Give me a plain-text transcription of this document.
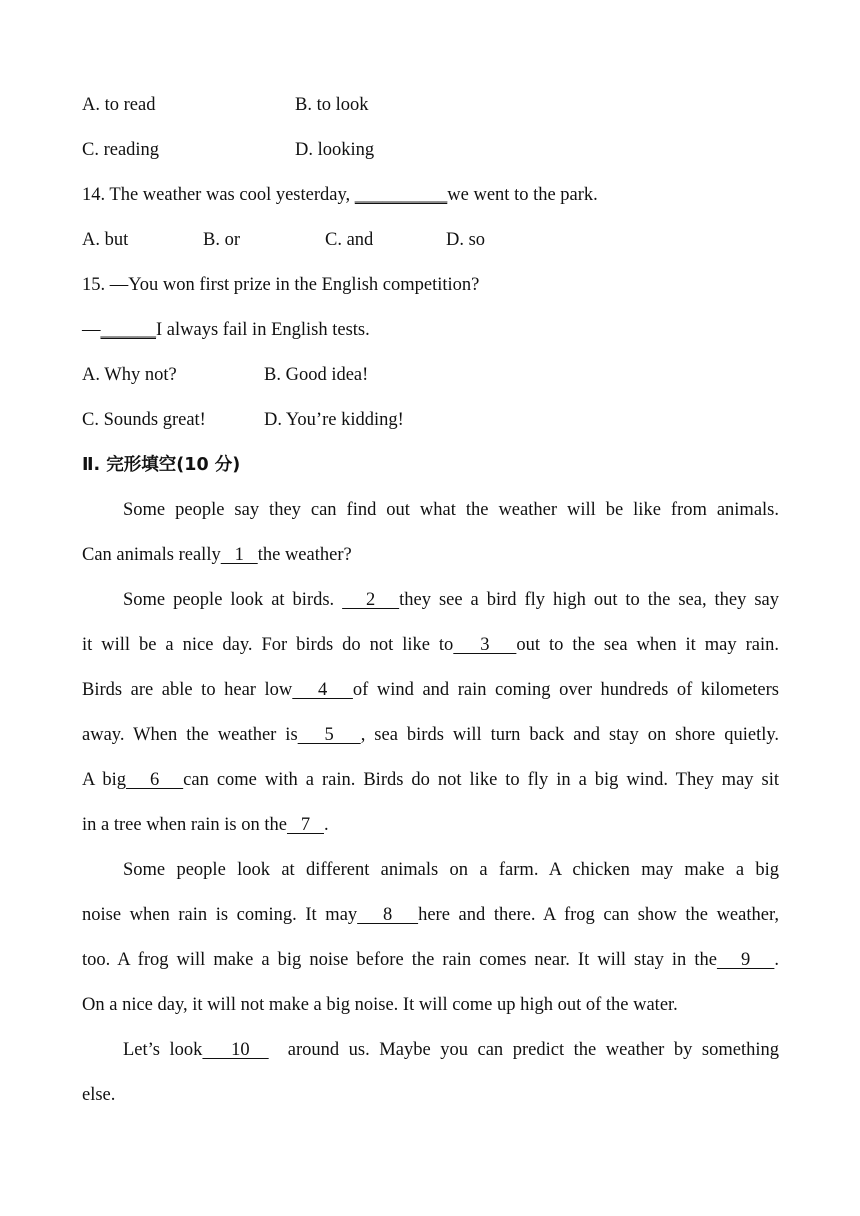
A. to read	B. to look
C. reading	D. looking
14. The weather was cool yesterday, __________we went to the park.
A. but	B. or	C. and	D. so
15. —You won first prize in the English competition?
—______I always fail in English tests.
A. Why not?	B. Good idea!
C. Sounds great!	D. You’re kidding!
Ⅱ. 完形填空(10 分)
Some people say they can find out what the weather will be like from animals.
Can animals really   1   the weather?
Some people look at birds.    2   they see a bird fly high out to the sea, they say
it will be a nice day. For birds do not like to   3   out to the sea when it may rain.
Birds are able to hear low   4   of wind and rain coming over hundreds of kilometers
away. When the weather is   5   , sea birds will turn back and stay on shore quietly.
A big   6   can come with a rain. Birds do not like to fly in a big wind. They may sit
in a tree when rain is on the   7   .
Some people look at different animals on a farm. A chicken may make a big
noise when rain is coming. It may   8   here and there. A frog can show the weather,
too. A frog will make a big noise before the rain comes near. It will stay in the   9   .
On a nice day, it will not make a big noise. It will come up high out of the water.
Let’s look   10    around us. Maybe you can predict the weather by something
else.
